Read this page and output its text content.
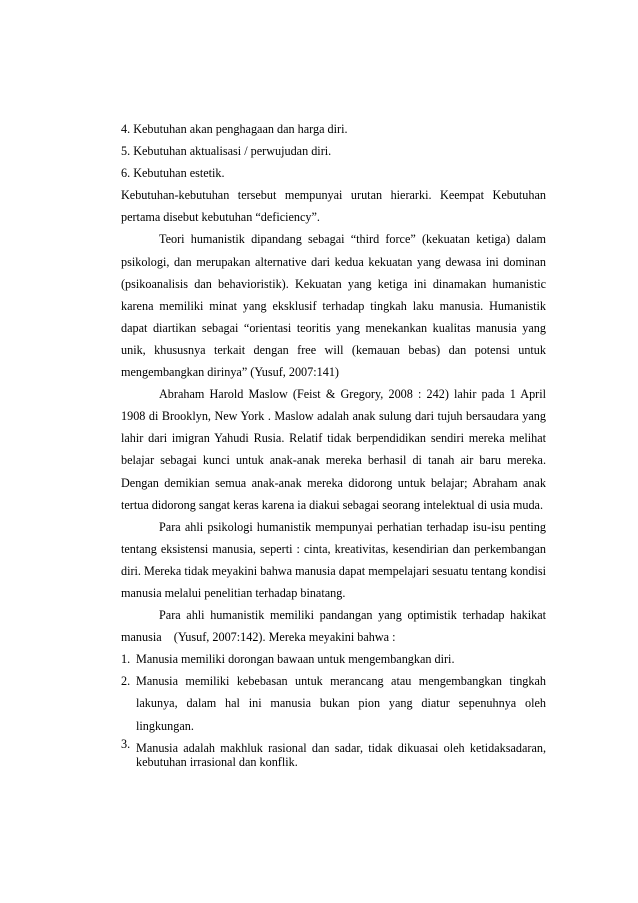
4. Kebutuhan akan penghagaan dan harga diri.

5. Kebutuhan aktualisasi / perwujudan diri.

6. Kebutuhan estetik.

Kebutuhan-kebutuhan tersebut mempunyai urutan hierarki. Keempat Kebutuhan pertama disebut kebutuhan “deficiency”.

Teori humanistik dipandang sebagai “third force” (kekuatan ketiga) dalam psikologi, dan merupakan alternative dari kedua kekuatan yang dewasa ini dominan (psikoanalisis dan behavioristik). Kekuatan yang ketiga ini dinamakan humanistic karena memiliki minat yang eksklusif terhadap tingkah laku manusia. Humanistik dapat diartikan sebagai “orientasi teoritis yang menekankan kualitas manusia yang unik, khususnya terkait dengan free will (kemauan bebas) dan potensi untuk mengembangkan dirinya” (Yusuf, 2007:141)

Abraham Harold Maslow (Feist & Gregory, 2008 : 242) lahir pada 1 April 1908 di Brooklyn, New York . Maslow adalah anak sulung dari tujuh bersaudara yang lahir dari imigran Yahudi Rusia. Relatif tidak berpendidikan sendiri mereka melihat belajar sebagai kunci untuk anak-anak mereka berhasil di tanah air baru mereka. Dengan demikian semua anak-anak mereka didorong untuk belajar; Abraham anak tertua didorong sangat keras karena ia diakui sebagai seorang intelektual di usia muda.

Para ahli psikologi humanistik mempunyai perhatian terhadap isu-isu penting tentang eksistensi manusia, seperti : cinta, kreativitas, kesendirian dan perkembangan diri. Mereka tidak meyakini bahwa manusia dapat mempelajari sesuatu tentang kondisi manusia melalui penelitian terhadap binatang.

Para ahli humanistik memiliki pandangan yang optimistik terhadap hakikat manusia    (Yusuf, 2007:142). Mereka meyakini bahwa :

1. Manusia memiliki dorongan bawaan untuk mengembangkan diri.
2. Manusia memiliki kebebasan untuk merancang atau mengembangkan tingkah lakunya, dalam hal ini manusia bukan pion yang diatur sepenuhnya oleh lingkungan.
3. Manusia adalah makhluk rasional dan sadar, tidak dikuasai oleh ketidaksadaran, kebutuhan irrasional dan konflik.
